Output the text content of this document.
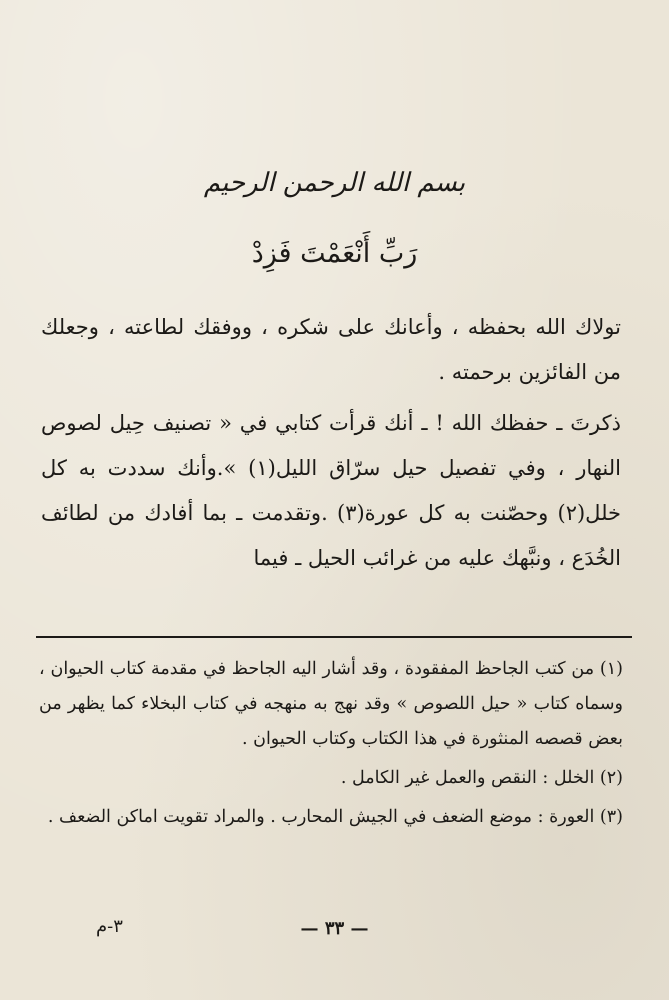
بسم الله الرحمن الرحيم
رَبِّ أَنْعَمْتَ فَزِدْ

تولاك الله بحفظه ، وأعانك على شكره ، ووفقك لطاعته ، وجعلك من الفائزين برحمته .

ذكرتَ ـ حفظك الله ! ـ أنك قرأت كتابي في « تصنيف حِيل لصوص النهار ، وفي تفصيل حيل سرّاق الليل(١) ».وأنك سددت به كل خلل(٢) وحصّنت به كل عورة(٣) .وتقدمت ـ بما أفادك من لطائف الخُدَع ، ونبَّهك عليه من غرائب الحيل ـ فيما

(١) من كتب الجاحظ المفقودة ، وقد أشار اليه الجاحظ في مقدمة كتاب الحيوان ، وسماه كتاب « حيل اللصوص » وقد نهج به منهجه في كتاب البخلاء كما يظهر من بعض قصصه المنثورة في هذا الكتاب وكتاب الحيوان .

(٢) الخلل : النقص والعمل غير الكامل .

(٣) العورة : موضع الضعف في الجيش المحارب . والمراد تقويت اماكن الضعف .

— ٣٣ —
٣-م
